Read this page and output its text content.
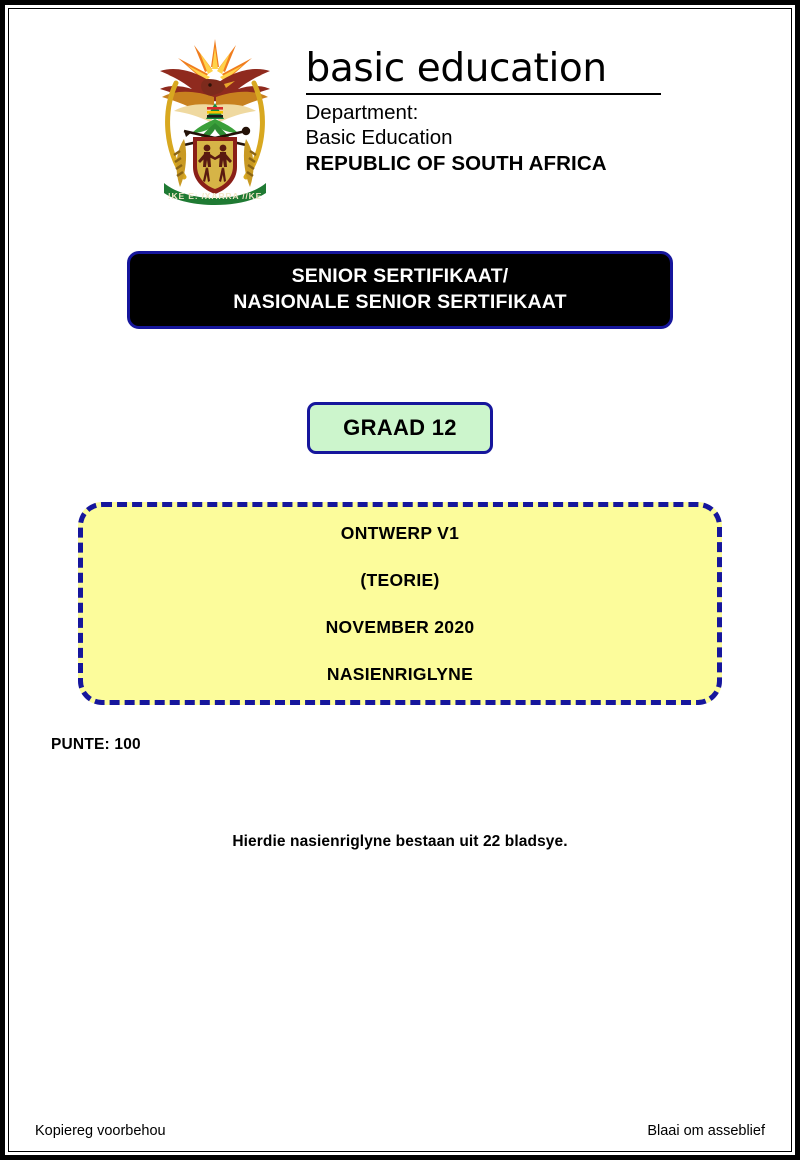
!KE E: /XARRA //KE
basic education
Department:
Basic Education
REPUBLIC OF SOUTH AFRICA
SENIOR SERTIFIKAAT/
NASIONALE SENIOR SERTIFIKAAT
GRAAD 12
ONTWERP V1
(TEORIE)
NOVEMBER 2020
NASIENRIGLYNE
PUNTE: 100
Hierdie nasienriglyne bestaan uit 22 bladsye.
Kopiereg voorbehou	Blaai om asseblief
